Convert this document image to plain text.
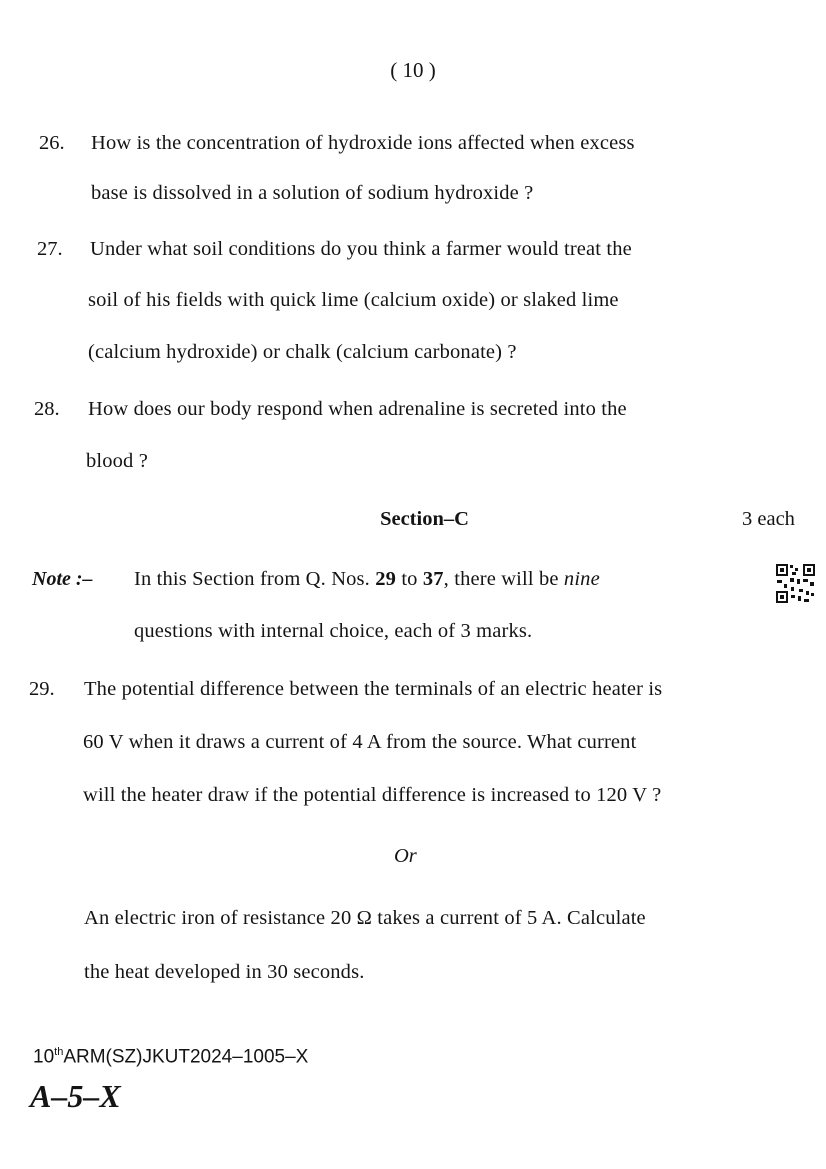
( 10 )
26. How is the concentration of hydroxide ions affected when excess
base is dissolved in a solution of sodium hydroxide ?
27. Under what soil conditions do you think a farmer would treat the
soil of his fields with quick lime (calcium oxide) or slaked lime
(calcium hydroxide) or chalk (calcium carbonate) ?
28. How does our body respond when adrenaline is secreted into the
blood ?
Section–C	3 each
Note :– In this Section from Q. Nos. 29 to 37, there will be nine
questions with internal choice, each of 3 marks.
29. The potential difference between the terminals of an electric heater is
60 V when it draws a current of 4 A from the source. What current
will the heater draw if the potential difference is increased to 120 V ?
Or
An electric iron of resistance 20 Ω takes a current of 5 A. Calculate
the heat developed in 30 seconds.
10thARM(SZ)JKUT2024–1005–X
A–5–X
